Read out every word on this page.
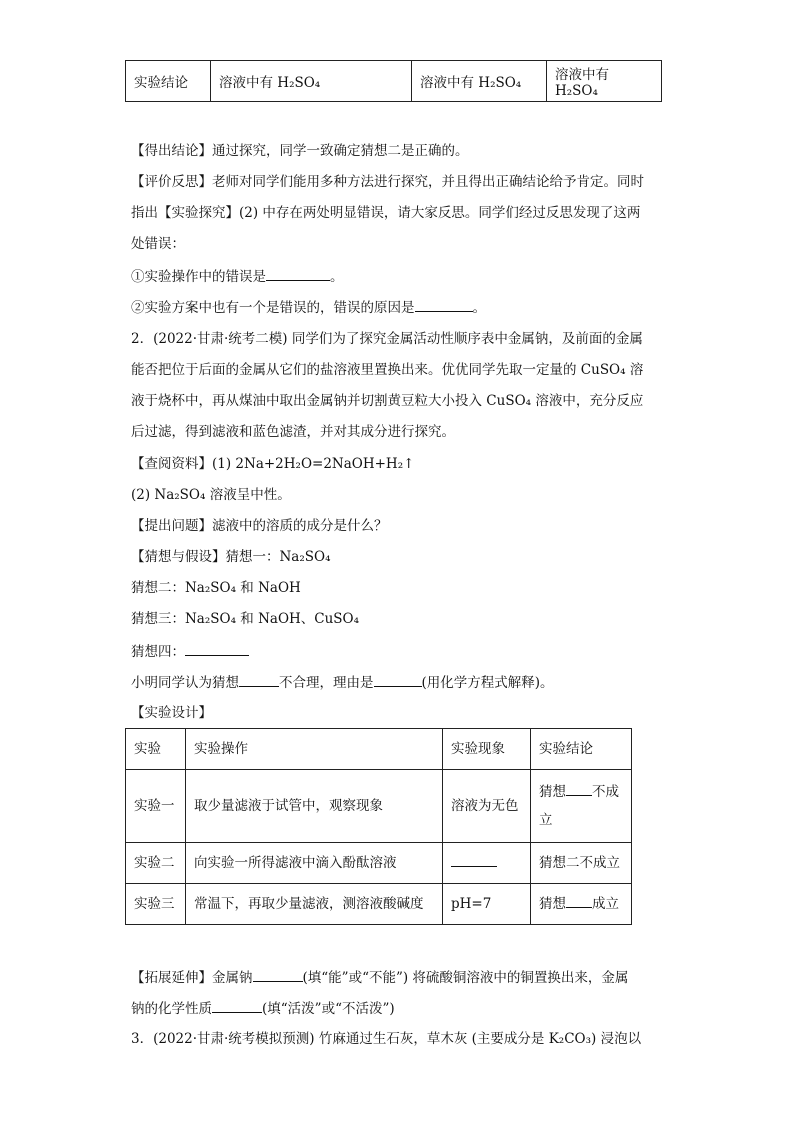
实验结论	溶液中有 H₂SO₄	溶液中有 H₂SO₄	溶液中有 H₂SO₄
【得出结论】通过探究，同学一致确定猜想二是正确的。
【评价反思】老师对同学们能用多种方法进行探究，并且得出正确结论给予肯定。同时
指出【实验探究】(2) 中存在两处明显错误，请大家反思。同学们经过反思发现了这两
处错误：
①实验操作中的错误是	。
②实验方案中也有一个是错误的，错误的原因是	。
2．(2022·甘肃·统考二模) 同学们为了探究金属活动性顺序表中金属钠，及前面的金属
能否把位于后面的金属从它们的盐溶液里置换出来。优优同学先取一定量的 CuSO₄ 溶
液于烧杯中，再从煤油中取出金属钠并切割黄豆粒大小投入 CuSO₄ 溶液中，充分反应
后过滤，得到滤液和蓝色滤渣，并对其成分进行探究。
【查阅资料】(1) 2Na+2H₂O=2NaOH+H₂↑
(2) Na₂SO₄ 溶液呈中性。
【提出问题】滤液中的溶质的成分是什么？
【猜想与假设】猜想一：Na₂SO₄
猜想二：Na₂SO₄ 和 NaOH
猜想三：Na₂SO₄ 和 NaOH、CuSO₄
猜想四：
小明同学认为猜想	不合理，理由是	(用化学方程式解释)。
【实验设计】
实验	实验操作	实验现象	实验结论
实验一	取少量滤液于试管中，观察现象	溶液为无色	猜想 不成
立
实验二	向实验一所得滤液中滴入酚酞溶液		猜想二不成立
实验三	常温下，再取少量滤液，测溶液酸碱度	pH=7	猜想 成立
【拓展延伸】金属钠	(填“能”或“不能”) 将硫酸铜溶液中的铜置换出来，金属
钠的化学性质	(填“活泼”或“不活泼”)
3．(2022·甘肃·统考模拟预测) 竹麻通过生石灰，草木灰 (主要成分是 K₂CO₃) 浸泡以
